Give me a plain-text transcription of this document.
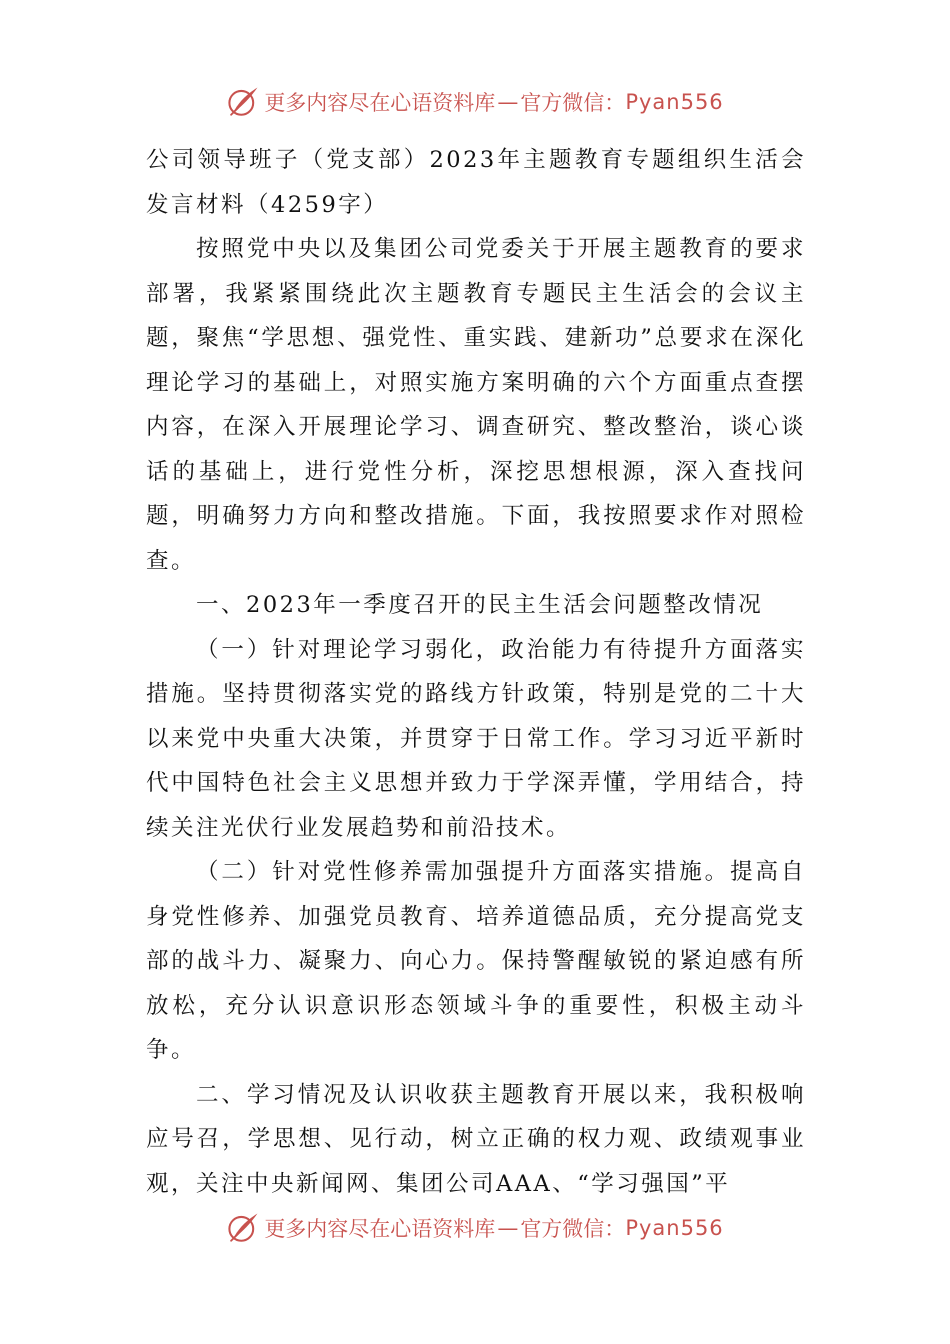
更多内容尽在心语资料库 — 官方微信： Pyan556

公司领导班子（党支部）2023年主题教育专题组织生活会发言材料（4259字）

按照党中央以及集团公司党委关于开展主题教育的要求部署，我紧紧围绕此次主题教育专题民主生活会的会议主题，聚焦“学思想、强党性、重实践、建新功”总要求在深化理论学习的基础上，对照实施方案明确的六个方面重点查摆内容，在深入开展理论学习、调查研究、整改整治，谈心谈话的基础上，进行党性分析，深挖思想根源，深入查找问题，明确努力方向和整改措施。下面，我按照要求作对照检查。

一、2023年一季度召开的民主生活会问题整改情况

（一）针对理论学习弱化，政治能力有待提升方面落实措施。坚持贯彻落实党的路线方针政策，特别是党的二十大以来党中央重大决策，并贯穿于日常工作。学习习近平新时代中国特色社会主义思想并致力于学深弄懂，学用结合，持续关注光伏行业发展趋势和前沿技术。

（二）针对党性修养需加强提升方面落实措施。提高自身党性修养、加强党员教育、培养道德品质，充分提高党支部的战斗力、凝聚力、向心力。保持警醒敏锐的紧迫感有所放松，充分认识意识形态领域斗争的重要性，积极主动斗争。

二、学习情况及认识收获主题教育开展以来，我积极响应号召，学思想、见行动，树立正确的权力观、政绩观事业观，关注中央新闻网、集团公司AAA、“学习强国”平

更多内容尽在心语资料库 — 官方微信： Pyan556
